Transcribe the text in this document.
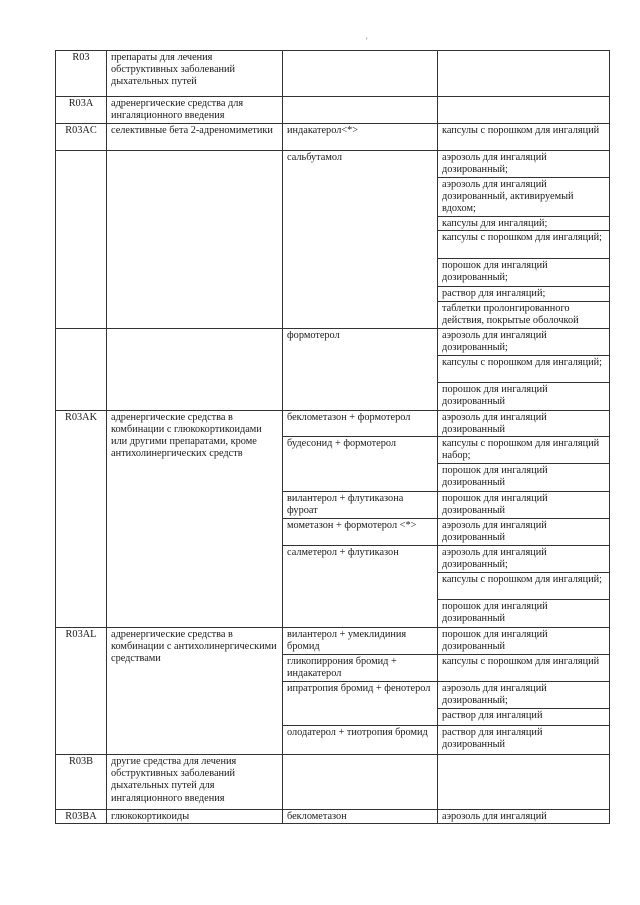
'
R03	препараты для лечения обструктивных заболеваний дыхательных путей		
R03A	адренергические средства для ингаляционного введения		
R03AC	селективные бета 2-адреномиметики	индакатерол<*>	капсулы с порошком для ингаляций
		сальбутамол	аэрозоль для ингаляций дозированный;
			аэрозоль для ингаляций дозированный, активируемый вдохом;
			капсулы для ингаляций;
			капсулы с порошком для ингаляций;
			порошок для ингаляций дозированный;
			раствор для ингаляций;
			таблетки пролонгированного действия, покрытые оболочкой
		формотерол	аэрозоль для ингаляций дозированный;
			капсулы с порошком для ингаляций;
			порошок для ингаляций дозированный
R03AK	адренергические средства в комбинации с глюкокортикоидами или другими препаратами, кроме антихолинергических средств	беклометазон + формотерол	аэрозоль для ингаляций дозированный
		будесонид + формотерол	капсулы с порошком для ингаляций набор;
			порошок для ингаляций дозированный
		вилантерол + флутиказона фуроат	порошок для ингаляций дозированный
		мометазон + формотерол <*>	аэрозоль для ингаляций дозированный
		салметерол + флутиказон	аэрозоль для ингаляций дозированный;
			капсулы с порошком для ингаляций;
			порошок для ингаляций дозированный
R03AL	адренергические средства в комбинации с антихолинергическими средствами	вилантерол + умеклидиния бромид	порошок для ингаляций дозированный
		гликопиррония бромид + индакатерол	капсулы с порошком для ингаляций
		ипратропия бромид + фенотерол	аэрозоль для ингаляций дозированный;
			раствор для ингаляций
		олодатерол + тиотропия бромид	раствор для ингаляций дозированный
R03B	другие средства для лечения обструктивных заболеваний дыхательных путей для ингаляционного введения		
R03BA	глюкокортикоиды	беклометазон	аэрозоль для ингаляций
